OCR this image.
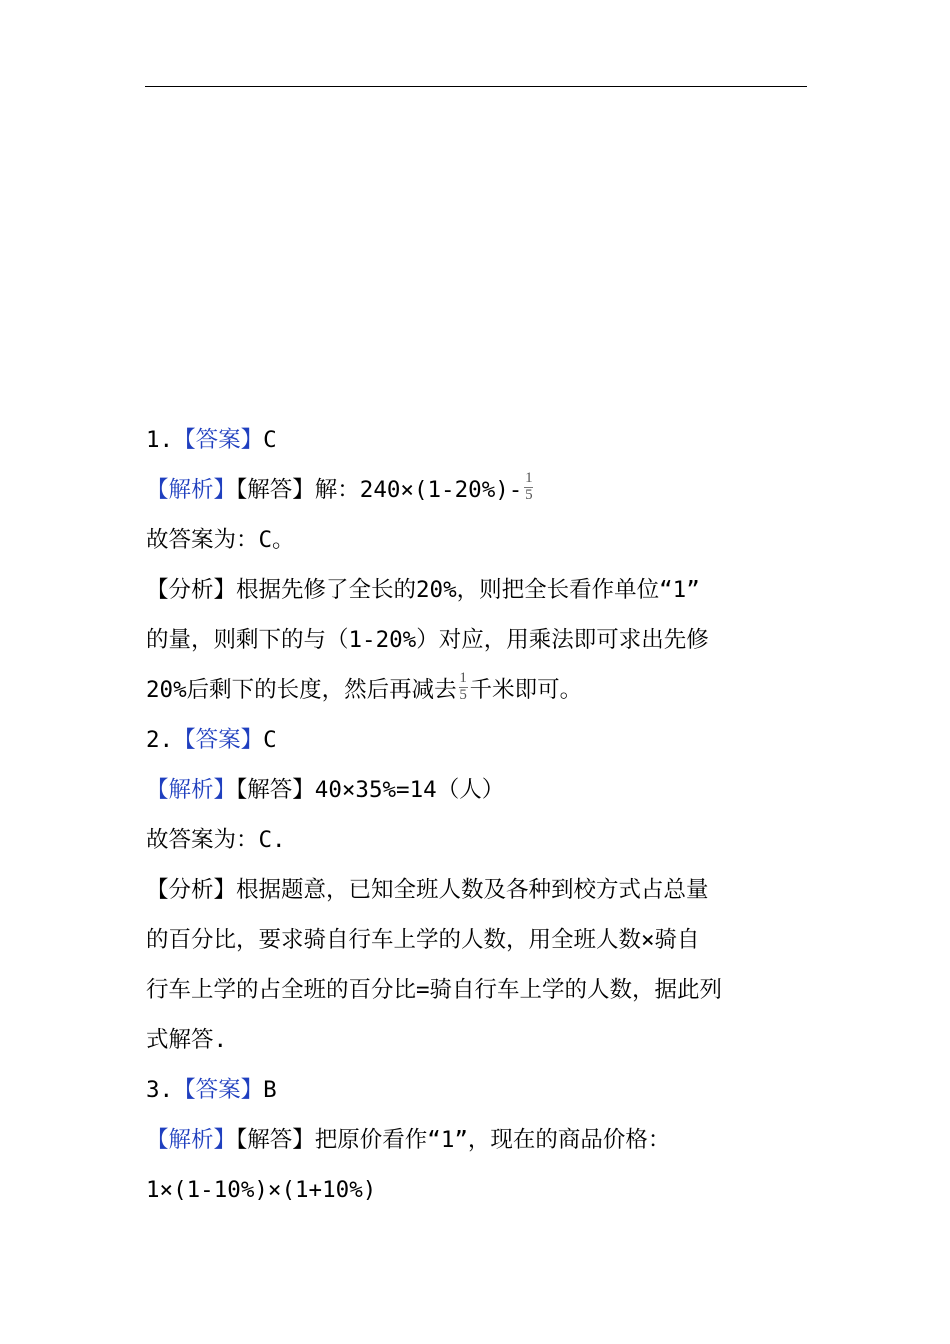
1.【答案】C
【解析】【解答】解：$240\times(1-20\%)- \frac{1}{5}$
故答案为：C。
【分析】根据先修了全长的20%，则把全长看作单位“1”
的量，则剩下的与（1-20%）对应，用乘法即可求出先修
20%后剩下的长度，然后再减去 $\frac{1}{5}$ 千米即可。
2.【答案】C
【解析】【解答】40×35%=14（人）
故答案为：C.
【分析】根据题意，已知全班人数及各种到校方式占总量
的百分比，要求骑自行车上学的人数，用全班人数×骑自
行车上学的占全班的百分比=骑自行车上学的人数，据此列
式解答.
3.【答案】B
【解析】【解答】把原价看作“1”，现在的商品价格：
1×(1-10%)×(1+10%)
